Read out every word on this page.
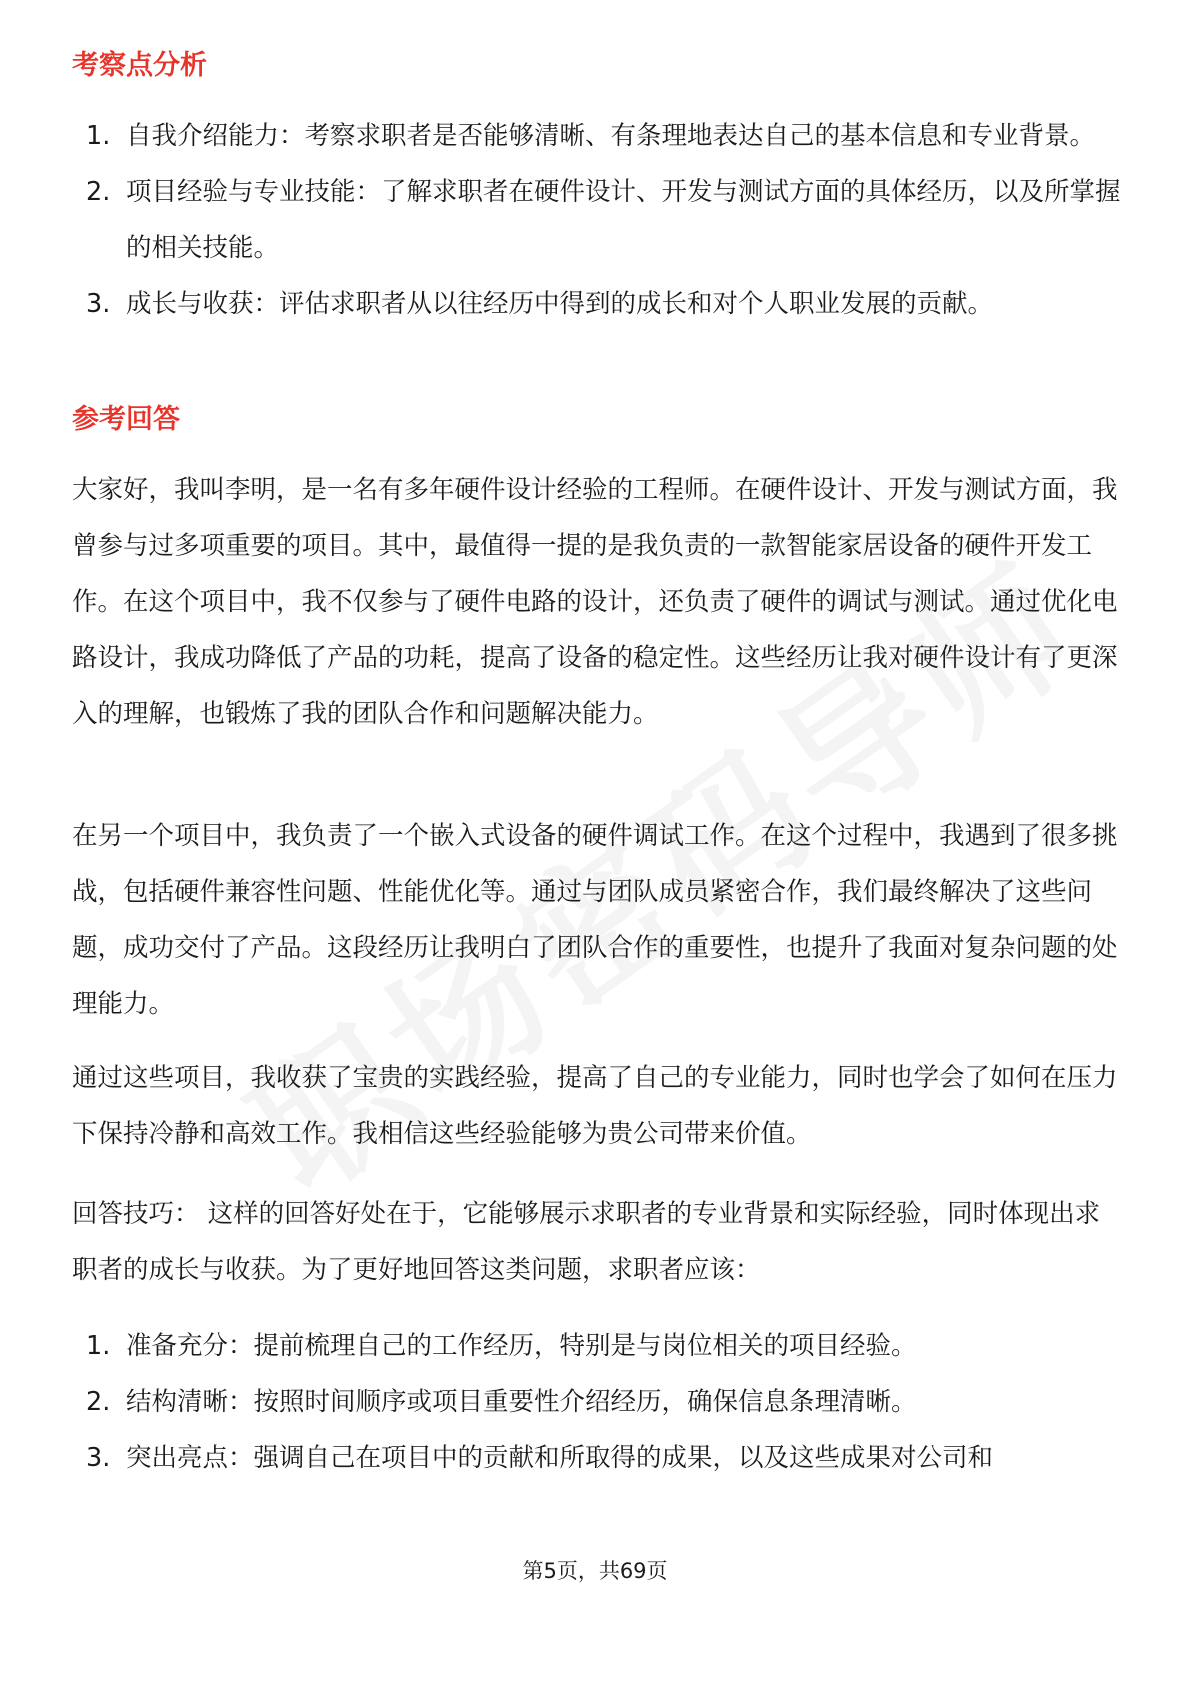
考察点分析
1. 自我介绍能力：考察求职者是否能够清晰、有条理地表达自己的基本信息和专业背景。
2. 项目经验与专业技能：了解求职者在硬件设计、开发与测试方面的具体经历，以及所掌握的相关技能。
3. 成长与收获：评估求职者从以往经历中得到的成长和对个人职业发展的贡献。
参考回答

大家好，我叫李明，是一名有多年硬件设计经验的工程师。在硬件设计、开发与测试方面，我曾参与过多项重要的项目。其中，最值得一提的是我负责的一款智能家居设备的硬件开发工作。在这个项目中，我不仅参与了硬件电路的设计，还负责了硬件的调试与测试。通过优化电路设计，我成功降低了产品的功耗，提高了设备的稳定性。这些经历让我对硬件设计有了更深入的理解，也锻炼了我的团队合作和问题解决能力。

在另一个项目中，我负责了一个嵌入式设备的硬件调试工作。在这个过程中，我遇到了很多挑战，包括硬件兼容性问题、性能优化等。通过与团队成员紧密合作，我们最终解决了这些问题，成功交付了产品。这段经历让我明白了团队合作的重要性，也提升了我面对复杂问题的处理能力。

通过这些项目，我收获了宝贵的实践经验，提高了自己的专业能力，同时也学会了如何在压力下保持冷静和高效工作。我相信这些经验能够为贵公司带来价值。

回答技巧： 这样的回答好处在于，它能够展示求职者的专业背景和实际经验，同时体现出求职者的成长与收获。为了更好地回答这类问题，求职者应该：

1. 准备充分：提前梳理自己的工作经历，特别是与岗位相关的项目经验。
2. 结构清晰：按照时间顺序或项目重要性介绍经历，确保信息条理清晰。
3. 突出亮点：强调自己在项目中的贡献和所取得的成果，以及这些成果对公司和
第5页，共69页
